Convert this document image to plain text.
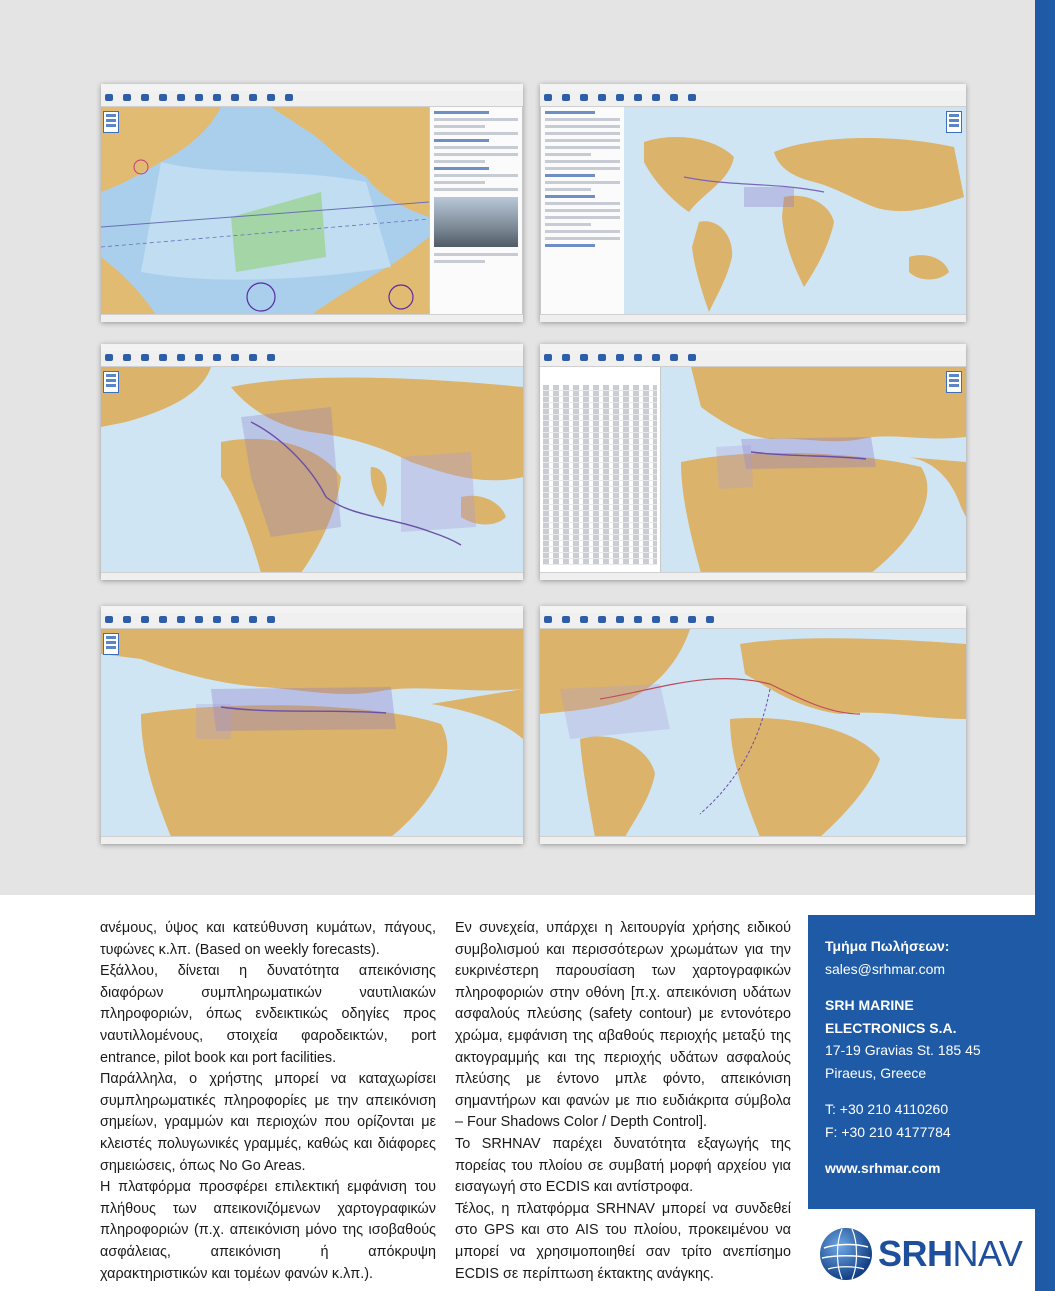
ανέμους, ύψος και κατεύθυνση κυμάτων, πάγους, τυφώνες κ.λπ. (Based on weekly forecasts).

Εξάλλου, δίνεται η δυνατότητα απεικόνισης διαφόρων συμπληρωματικών ναυτιλιακών πληροφοριών, όπως ενδεικτικώς οδηγίες προς ναυτιλλομένους, στοιχεία φαροδεικτών, port entrance, pilot book και port facilities.

Παράλληλα, ο χρήστης μπορεί να καταχωρίσει συμπληρωματικές πληροφορίες με την απεικόνιση σημείων, γραμμών και περιοχών που ορίζονται με κλειστές πολυγωνικές γραμμές, καθώς και διάφορες σημειώσεις, όπως No Go Areas.

Η πλατφόρμα προσφέρει επιλεκτική εμφάνιση του πλήθους των απεικονιζόμενων χαρτογραφικών πληροφοριών (π.χ. απεικόνιση μόνο της ισοβαθούς ασφάλειας, απεικόνιση ή απόκρυψη χαρακτηριστικών και τομέων φανών κ.λπ.).

Εν συνεχεία, υπάρχει η λειτουργία χρήσης ειδικού συμβολισμού και περισσότερων χρωμάτων για την ευκρινέστερη παρουσίαση των χαρτογραφικών πληροφοριών στην οθόνη [π.χ. απεικόνιση υδάτων ασφαλούς πλεύσης (safety contour) με εντονότερο χρώμα, εμφάνιση της αβαθούς περιοχής μεταξύ της ακτογραμμής και της περιοχής υδάτων ασφαλούς πλεύσης με έντονο μπλε φόντο, απεικόνιση σημαντήρων και φανών με πιο ευδιάκριτα σύμβολα – Four Shadows Color / Depth Control].

Το SRHNAV παρέχει δυνατότητα εξαγωγής της πορείας του πλοίου σε συμβατή μορφή αρχείου για εισαγωγή στο ECDIS και αντίστροφα.

Τέλος, η πλατφόρμα SRHNAV μπορεί να συνδεθεί στο GPS και στο AIS του πλοίου, προκειμένου να μπορεί να χρησιμοποιηθεί σαν τρίτο ανεπίσημο ECDIS σε περίπτωση έκτακτης ανάγκης.

Τμήμα Πωλήσεων:
sales@srhmar.com
SRH MARINE
ELECTRONICS S.A.
17-19 Gravias St. 185 45
Piraeus, Greece
T: +30 210 4110260
F: +30 210 4177784
www.srhmar.com
SRHNAV
